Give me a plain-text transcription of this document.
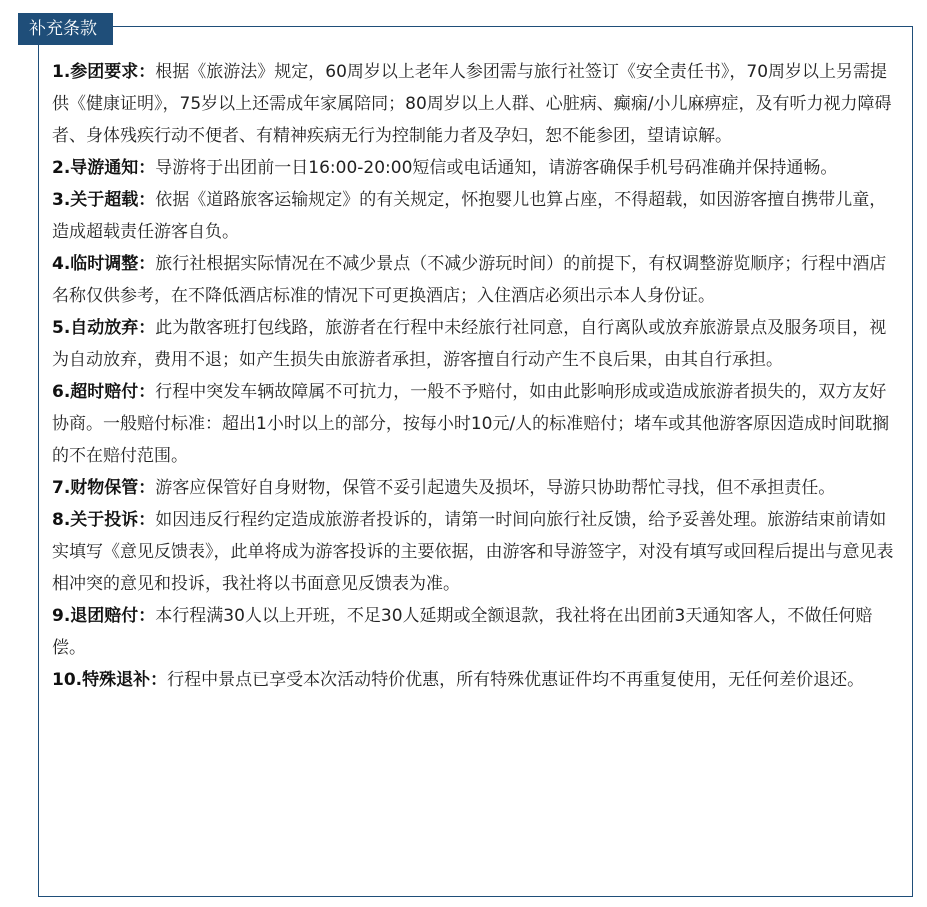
补充条款

1.参团要求：根据《旅游法》规定，60周岁以上老年人参团需与旅行社签订《安全责任书》，70周岁以上另需提供《健康证明》，75岁以上还需成年家属陪同；80周岁以上人群、心脏病、癫痫/小儿麻痹症，及有听力视力障碍者、身体残疾行动不便者、有精神疾病无行为控制能力者及孕妇，恕不能参团，望请谅解。

2.导游通知：导游将于出团前一日16:00-20:00短信或电话通知，请游客确保手机号码准确并保持通畅。

3.关于超载：依据《道路旅客运输规定》的有关规定，怀抱婴儿也算占座，不得超载，如因游客擅自携带儿童，造成超载责任游客自负。

4.临时调整：旅行社根据实际情况在不减少景点（不减少游玩时间）的前提下，有权调整游览顺序；行程中酒店名称仅供参考，在不降低酒店标准的情况下可更换酒店；入住酒店必须出示本人身份证。

5.自动放弃：此为散客班打包线路，旅游者在行程中未经旅行社同意，自行离队或放弃旅游景点及服务项目，视为自动放弃，费用不退；如产生损失由旅游者承担，游客擅自行动产生不良后果，由其自行承担。

6.超时赔付：行程中突发车辆故障属不可抗力，一般不予赔付，如由此影响形成或造成旅游者损失的，双方友好协商。一般赔付标准：超出1小时以上的部分，按每小时10元/人的标准赔付；堵车或其他游客原因造成时间耽搁的不在赔付范围。

7.财物保管：游客应保管好自身财物，保管不妥引起遗失及损坏，导游只协助帮忙寻找，但不承担责任。

8.关于投诉：如因违反行程约定造成旅游者投诉的，请第一时间向旅行社反馈，给予妥善处理。旅游结束前请如实填写《意见反馈表》，此单将成为游客投诉的主要依据，由游客和导游签字，对没有填写或回程后提出与意见表相冲突的意见和投诉，我社将以书面意见反馈表为准。

9.退团赔付：本行程满30人以上开班，不足30人延期或全额退款，我社将在出团前3天通知客人，不做任何赔偿。

10.特殊退补：行程中景点已享受本次活动特价优惠，所有特殊优惠证件均不再重复使用，无任何差价退还。
